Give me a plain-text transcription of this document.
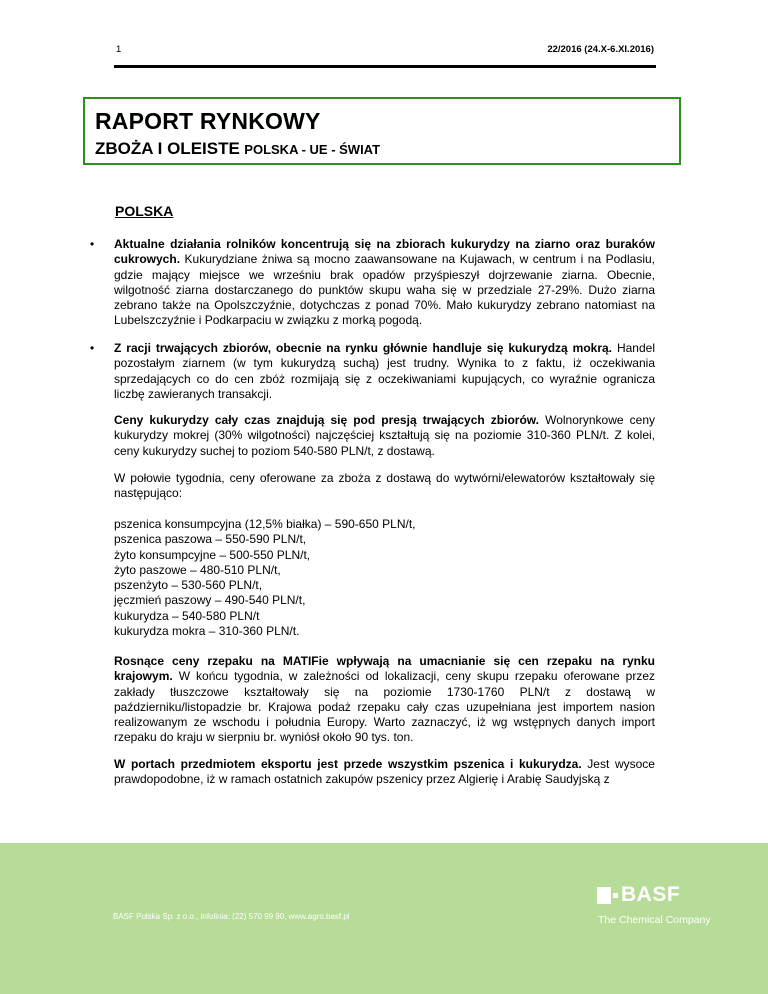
1	22/2016 (24.X-6.XI.2016)
RAPORT RYNKOWY
ZBOŻA I OLEISTE POLSKA - UE - ŚWIAT
POLSKA
• Aktualne działania rolników koncentrują się na zbiorach kukurydzy na ziarno oraz buraków cukrowych. Kukurydziane żniwa są mocno zaawansowane na Kujawach, w centrum i na Podlasiu, gdzie mający miejsce we wrześniu brak opadów przyśpieszył dojrzewanie ziarna. Obecnie, wilgotność ziarna dostarczanego do punktów skupu waha się w przedziale 27-29%. Dużo ziarna zebrano także na Opolszczyźnie, dotychczas z ponad 70%. Mało kukurydzy zebrano natomiast na Lubelszczyźnie i Podkarpaciu w związku z morką pogodą.
• Z racji trwających zbiorów, obecnie na rynku głównie handluje się kukurydzą mokrą. Handel pozostałym ziarnem (w tym kukurydzą suchą) jest trudny. Wynika to z faktu, iż oczekiwania sprzedających co do cen zbóż rozmijają się z oczekiwaniami kupujących, co wyraźnie ogranicza liczbę zawieranych transakcji.
Ceny kukurydzy cały czas znajdują się pod presją trwających zbiorów. Wolnorynkowe ceny kukurydzy mokrej (30% wilgotności) najczęściej kształtują się na poziomie 310-360 PLN/t. Z kolei, ceny kukurydzy suchej to poziom 540-580 PLN/t, z dostawą.
W połowie tygodnia, ceny oferowane za zboża z dostawą do wytwórni/elewatorów kształtowały się następująco:
pszenica konsumpcyjna (12,5% białka) – 590-650 PLN/t,
pszenica paszowa – 550-590 PLN/t,
żyto konsumpcyjne – 500-550 PLN/t,
żyto paszowe – 480-510 PLN/t,
pszenżyto – 530-560 PLN/t,
jęczmień paszowy – 490-540 PLN/t,
kukurydza – 540-580 PLN/t
kukurydza mokra – 310-360 PLN/t.
Rosnące ceny rzepaku na MATIFie wpływają na umacnianie się cen rzepaku na rynku krajowym. W końcu tygodnia, w zależności od lokalizacji, ceny skupu rzepaku oferowane przez zakłady tłuszczowe kształtowały się na poziomie 1730-1760 PLN/t z dostawą w październiku/listopadzie br. Krajowa podaż rzepaku cały czas uzupełniana jest importem nasion realizowanym ze wschodu i południa Europy. Warto zaznaczyć, iż wg wstępnych danych import rzepaku do kraju w sierpniu br. wyniósł około 90 tys. ton.
W portach przedmiotem eksportu jest przede wszystkim pszenica i kukurydza. Jest wysoce prawdopodobne, iż w ramach ostatnich zakupów pszenicy przez Algierię i Arabię Saudyjską z
BASF Polska Sp. z o.o., infolinia: (22) 570 99 90, www.agro.basf.pl
BASF
The Chemical Company
